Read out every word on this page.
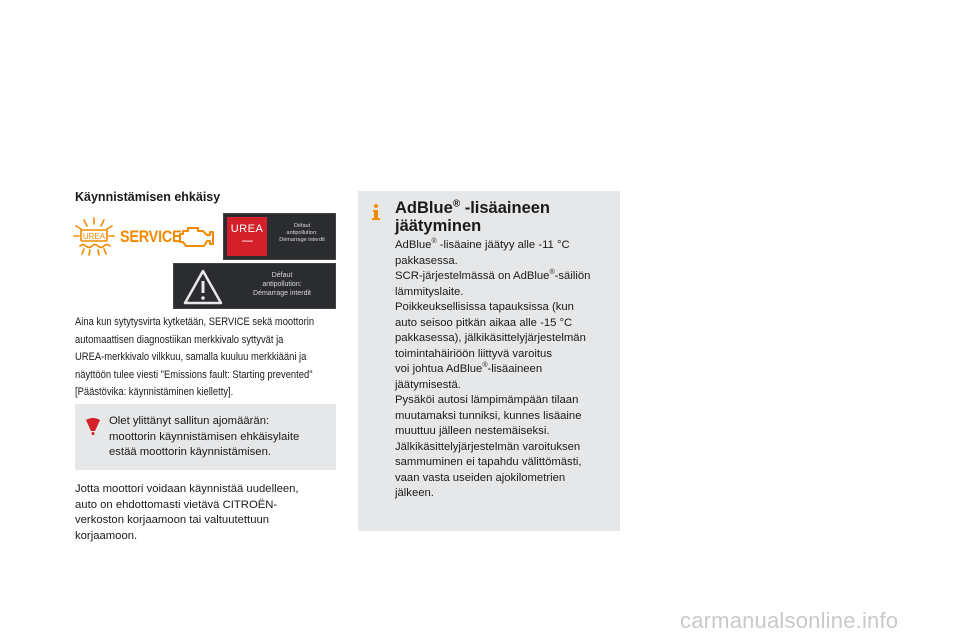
Käynnistämisen ehkäisy
UREA SERVICE	UREA
˜˜˜˜˜
Défaut
antipollution:
Démarrage interdit
Défaut
antipollution:
Démarrage interdit
Aina kun sytytysvirta kytketään, SERVICE sekä moottorin
automaattisen diagnostiikan merkkivalo syttyvät ja
UREA-merkkivalo vilkkuu, samalla kuuluu merkkiääni ja
näyttöön tulee viesti "Emissions fault: Starting prevented"
[Päästövika: käynnistäminen kielletty].
Olet ylittänyt sallitun ajomäärän:
moottorin käynnistämisen ehkäisylaite
estää moottorin käynnistämisen.
Jotta moottori voidaan käynnistää uudelleen,
auto on ehdottomasti vietävä CITROËN-
verkoston korjaamoon tai valtuutettuun
korjaamoon.
AdBlue® -lisäaineen
jäätyminen
AdBlue® -lisäaine jäätyy alle -11 °C
pakkasessa.
SCR-järjestelmässä on AdBlue®-säiliön
lämmityslaite.
Poikkeuksellisissa tapauksissa (kun
auto seisoo pitkän aikaa alle -15 °C
pakkasessa), jälkikäsittelyjärjestelmän
toimintahäiriöön liittyvä varoitus
voi johtua AdBlue®-lisäaineen
jäätymisestä.
Pysäköi autosi lämpimämpään tilaan
muutamaksi tunniksi, kunnes lisäaine
muuttuu jälleen nestemäiseksi.
Jälkikäsittelyjärjestelmän varoituksen
sammuminen ei tapahdu välittömästi,
vaan vasta useiden ajokilometrien
jälkeen.
carmanualsonline.info
